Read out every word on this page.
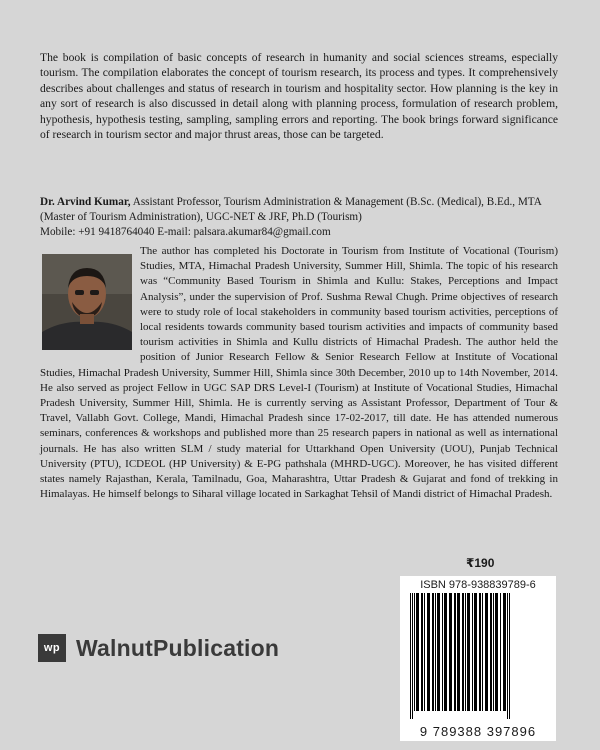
The book is compilation of basic concepts of research in humanity and social sciences streams, especially tourism. The compilation elaborates the concept of tourism research, its process and types. It comprehensively describes about challenges and status of research in tourism and hospitality sector. How planning is the key in any sort of research is also discussed in detail along with planning process, formulation of research problem, hypothesis, hypothesis testing, sampling, sampling errors and reporting. The book brings forward significance of research in tourism sector and major thrust areas, those can be targeted.

Dr. Arvind Kumar, Assistant Professor, Tourism Administration & Management (B.Sc. (Medical), B.Ed., MTA (Master of Tourism Administration), UGC-NET & JRF, Ph.D (Tourism)
Mobile: +91 9418764040 E-mail: palsara.akumar84@gmail.com
The author has completed his Doctorate in Tourism from Institute of Vocational (Tourism) Studies, MTA, Himachal Pradesh University, Summer Hill, Shimla. The topic of his research was “Community Based Tourism in Shimla and Kullu: Stakes, Perceptions and Impact Analysis”, under the supervision of Prof. Sushma Rewal Chugh. Prime objectives of research were to study role of local stakeholders in community based tourism activities, perceptions of local residents towards community based tourism activities and impacts of community based tourism activities in Shimla and Kullu districts of Himachal Pradesh. The author held the position of Junior Research Fellow & Senior Research Fellow at Institute of Vocational Studies, Himachal Pradesh University, Summer Hill, Shimla since 30th December, 2010 up to 14th November, 2014. He also served as project Fellow in UGC SAP DRS Level-I (Tourism) at Institute of Vocational Studies, Himachal Pradesh University, Summer Hill, Shimla. He is currently serving as Assistant Professor, Department of Tour & Travel, Vallabh Govt. College, Mandi, Himachal Pradesh since 17-02-2017, till date. He has attended numerous seminars, conferences & workshops and published more than 25 research papers in national as well as international journals. He has also written SLM / study material for Uttarkhand Open University (UOU), Punjab Technical University (PTU), ICDEOL (HP University) & E-PG pathshala (MHRD-UGC). Moreover, he has visited different states namely Rajasthan, Kerala, Tamilnadu, Goa, Maharashtra, Uttar Pradesh & Gujarat and fond of trekking in Himalayas. He himself belongs to Siharal village located in Sarkaghat Tehsil of Mandi district of Himachal Pradesh.
₹190
ISBN 978-938839789-6
9 789388 397896
wp WalnutPublication
